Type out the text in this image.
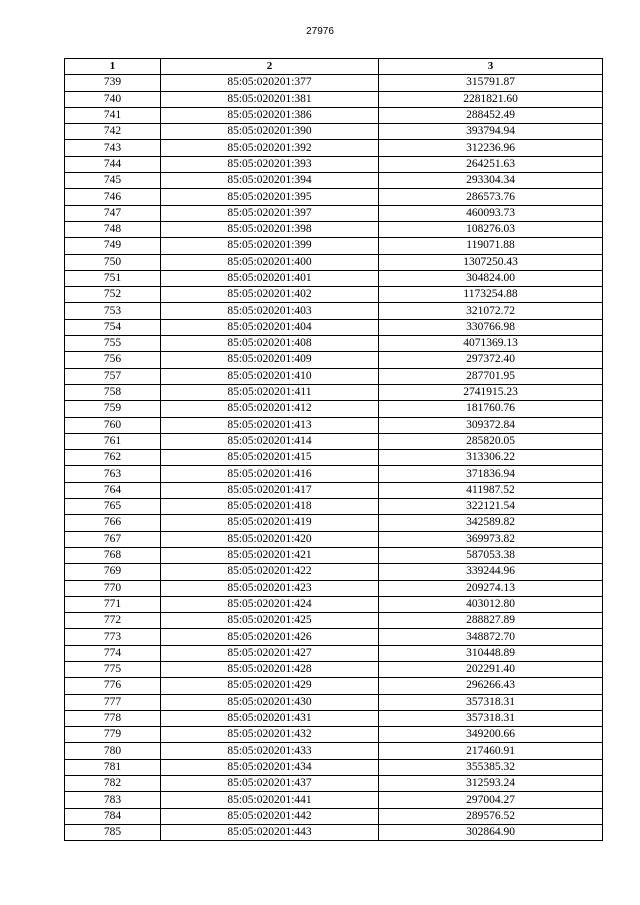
27976
1	2	3
739	85:05:020201:377	315791.87
740	85:05:020201:381	2281821.60
741	85:05:020201:386	288452.49
742	85:05:020201:390	393794.94
743	85:05:020201:392	312236.96
744	85:05:020201:393	264251.63
745	85:05:020201:394	293304.34
746	85:05:020201:395	286573.76
747	85:05:020201:397	460093.73
748	85:05:020201:398	108276.03
749	85:05:020201:399	119071.88
750	85:05:020201:400	1307250.43
751	85:05:020201:401	304824.00
752	85:05:020201:402	1173254.88
753	85:05:020201:403	321072.72
754	85:05:020201:404	330766.98
755	85:05:020201:408	4071369.13
756	85:05:020201:409	297372.40
757	85:05:020201:410	287701.95
758	85:05:020201:411	2741915.23
759	85:05:020201:412	181760.76
760	85:05:020201:413	309372.84
761	85:05:020201:414	285820.05
762	85:05:020201:415	313306.22
763	85:05:020201:416	371836.94
764	85:05:020201:417	411987.52
765	85:05:020201:418	322121.54
766	85:05:020201:419	342589.82
767	85:05:020201:420	369973.82
768	85:05:020201:421	587053.38
769	85:05:020201:422	339244.96
770	85:05:020201:423	209274.13
771	85:05:020201:424	403012.80
772	85:05:020201:425	288827.89
773	85:05:020201:426	348872.70
774	85:05:020201:427	310448.89
775	85:05:020201:428	202291.40
776	85:05:020201:429	296266.43
777	85:05:020201:430	357318.31
778	85:05:020201:431	357318.31
779	85:05:020201:432	349200.66
780	85:05:020201:433	217460.91
781	85:05:020201:434	355385.32
782	85:05:020201:437	312593.24
783	85:05:020201:441	297004.27
784	85:05:020201:442	289576.52
785	85:05:020201:443	302864.90
